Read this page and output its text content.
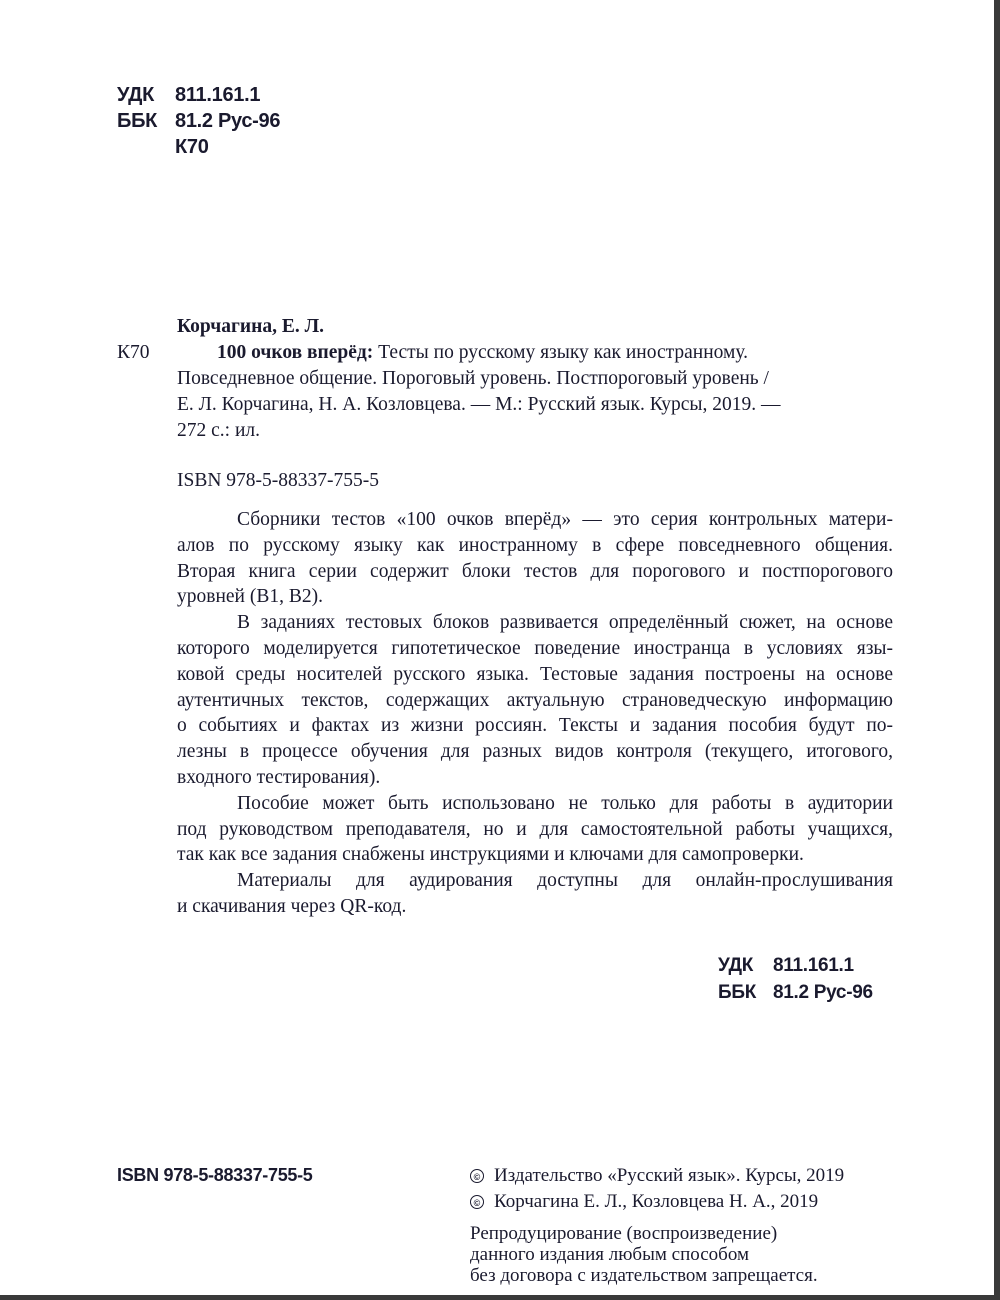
УДК	811.161.1
ББК 81.2 Рус-96
К70
Корчагина, Е. Л.
К70	100 очков вперёд: Тесты по русскому языку как иностранному.
Повседневное общение. Пороговый уровень. Постпороговый уровень /
Е. Л. Корчагина, Н. А. Козловцева. — М.: Русский язык. Курсы, 2019. —
272 с.: ил.
ISBN 978-5-88337-755-5
Сборники тестов «100 очков вперёд» — это серия контрольных матери-
алов по русскому языку как иностранному в сфере повседневного общения.
Вторая книга серии содержит блоки тестов для порогового и постпорогового
уровней (B1, B2).
В заданиях тестовых блоков развивается определённый сюжет, на основе
которого моделируется гипотетическое поведение иностранца в условиях язы-
ковой среды носителей русского языка. Тестовые задания построены на основе
аутентичных текстов, содержащих актуальную страноведческую информацию
о событиях и фактах из жизни россиян. Тексты и задания пособия будут по-
лезны в процессе обучения для разных видов контроля (текущего, итогового,
входного тестирования).
Пособие может быть использовано не только для работы в аудитории
под руководством преподавателя, но и для самостоятельной работы учащихся,
так как все задания снабжены инструкциями и ключами для самопроверки.
Материалы для аудирования доступны для онлайн-прослушивания
и скачивания через QR-код.
УДК	811.161.1
ББК 81.2 Рус-96
ISBN 978-5-88337-755-5	© Издательство «Русский язык». Курсы, 2019
© Корчагина Е. Л., Козловцева Н. А., 2019
Репродуцирование (воспроизведение)
данного издания любым способом
без договора с издательством запрещается.
